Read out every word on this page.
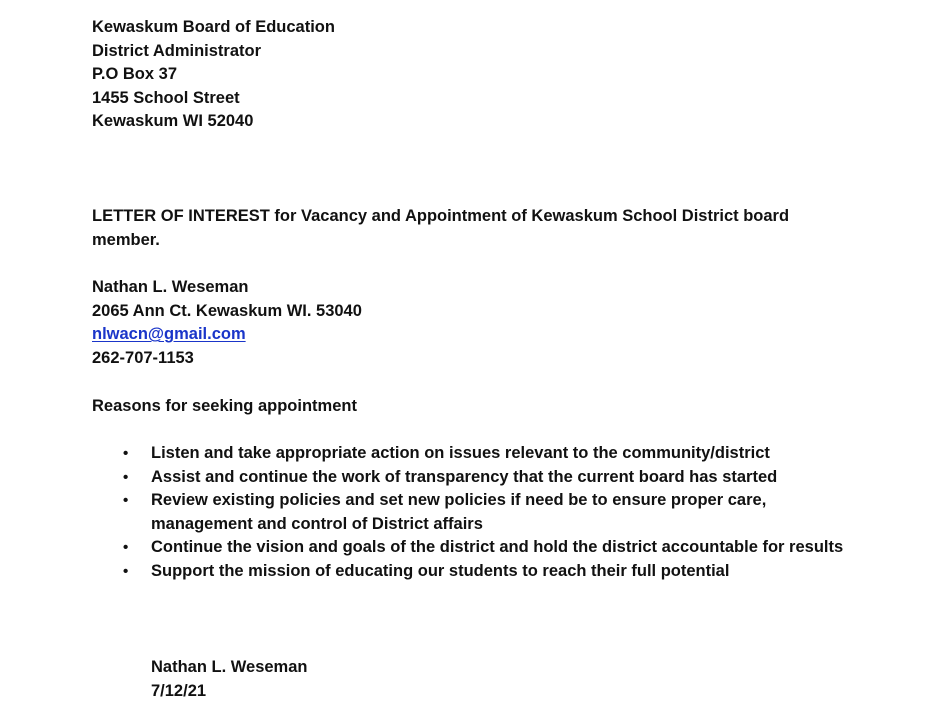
Kewaskum Board of Education
District Administrator
P.O Box 37
1455 School Street
Kewaskum WI 52040
LETTER OF INTEREST for Vacancy and Appointment of Kewaskum School District board member.
Nathan L. Weseman
2065 Ann Ct. Kewaskum WI. 53040
nlwacn@gmail.com
262-707-1153
Reasons for seeking appointment
• Listen and take appropriate action on issues relevant to the community/district
• Assist and continue the work of transparency that the current board has started
• Review existing policies and set new policies if need be to ensure proper care, management and control of District affairs
• Continue the vision and goals of the district and hold the district accountable for results
• Support the mission of educating our students to reach their full potential
Nathan L. Weseman
7/12/21
